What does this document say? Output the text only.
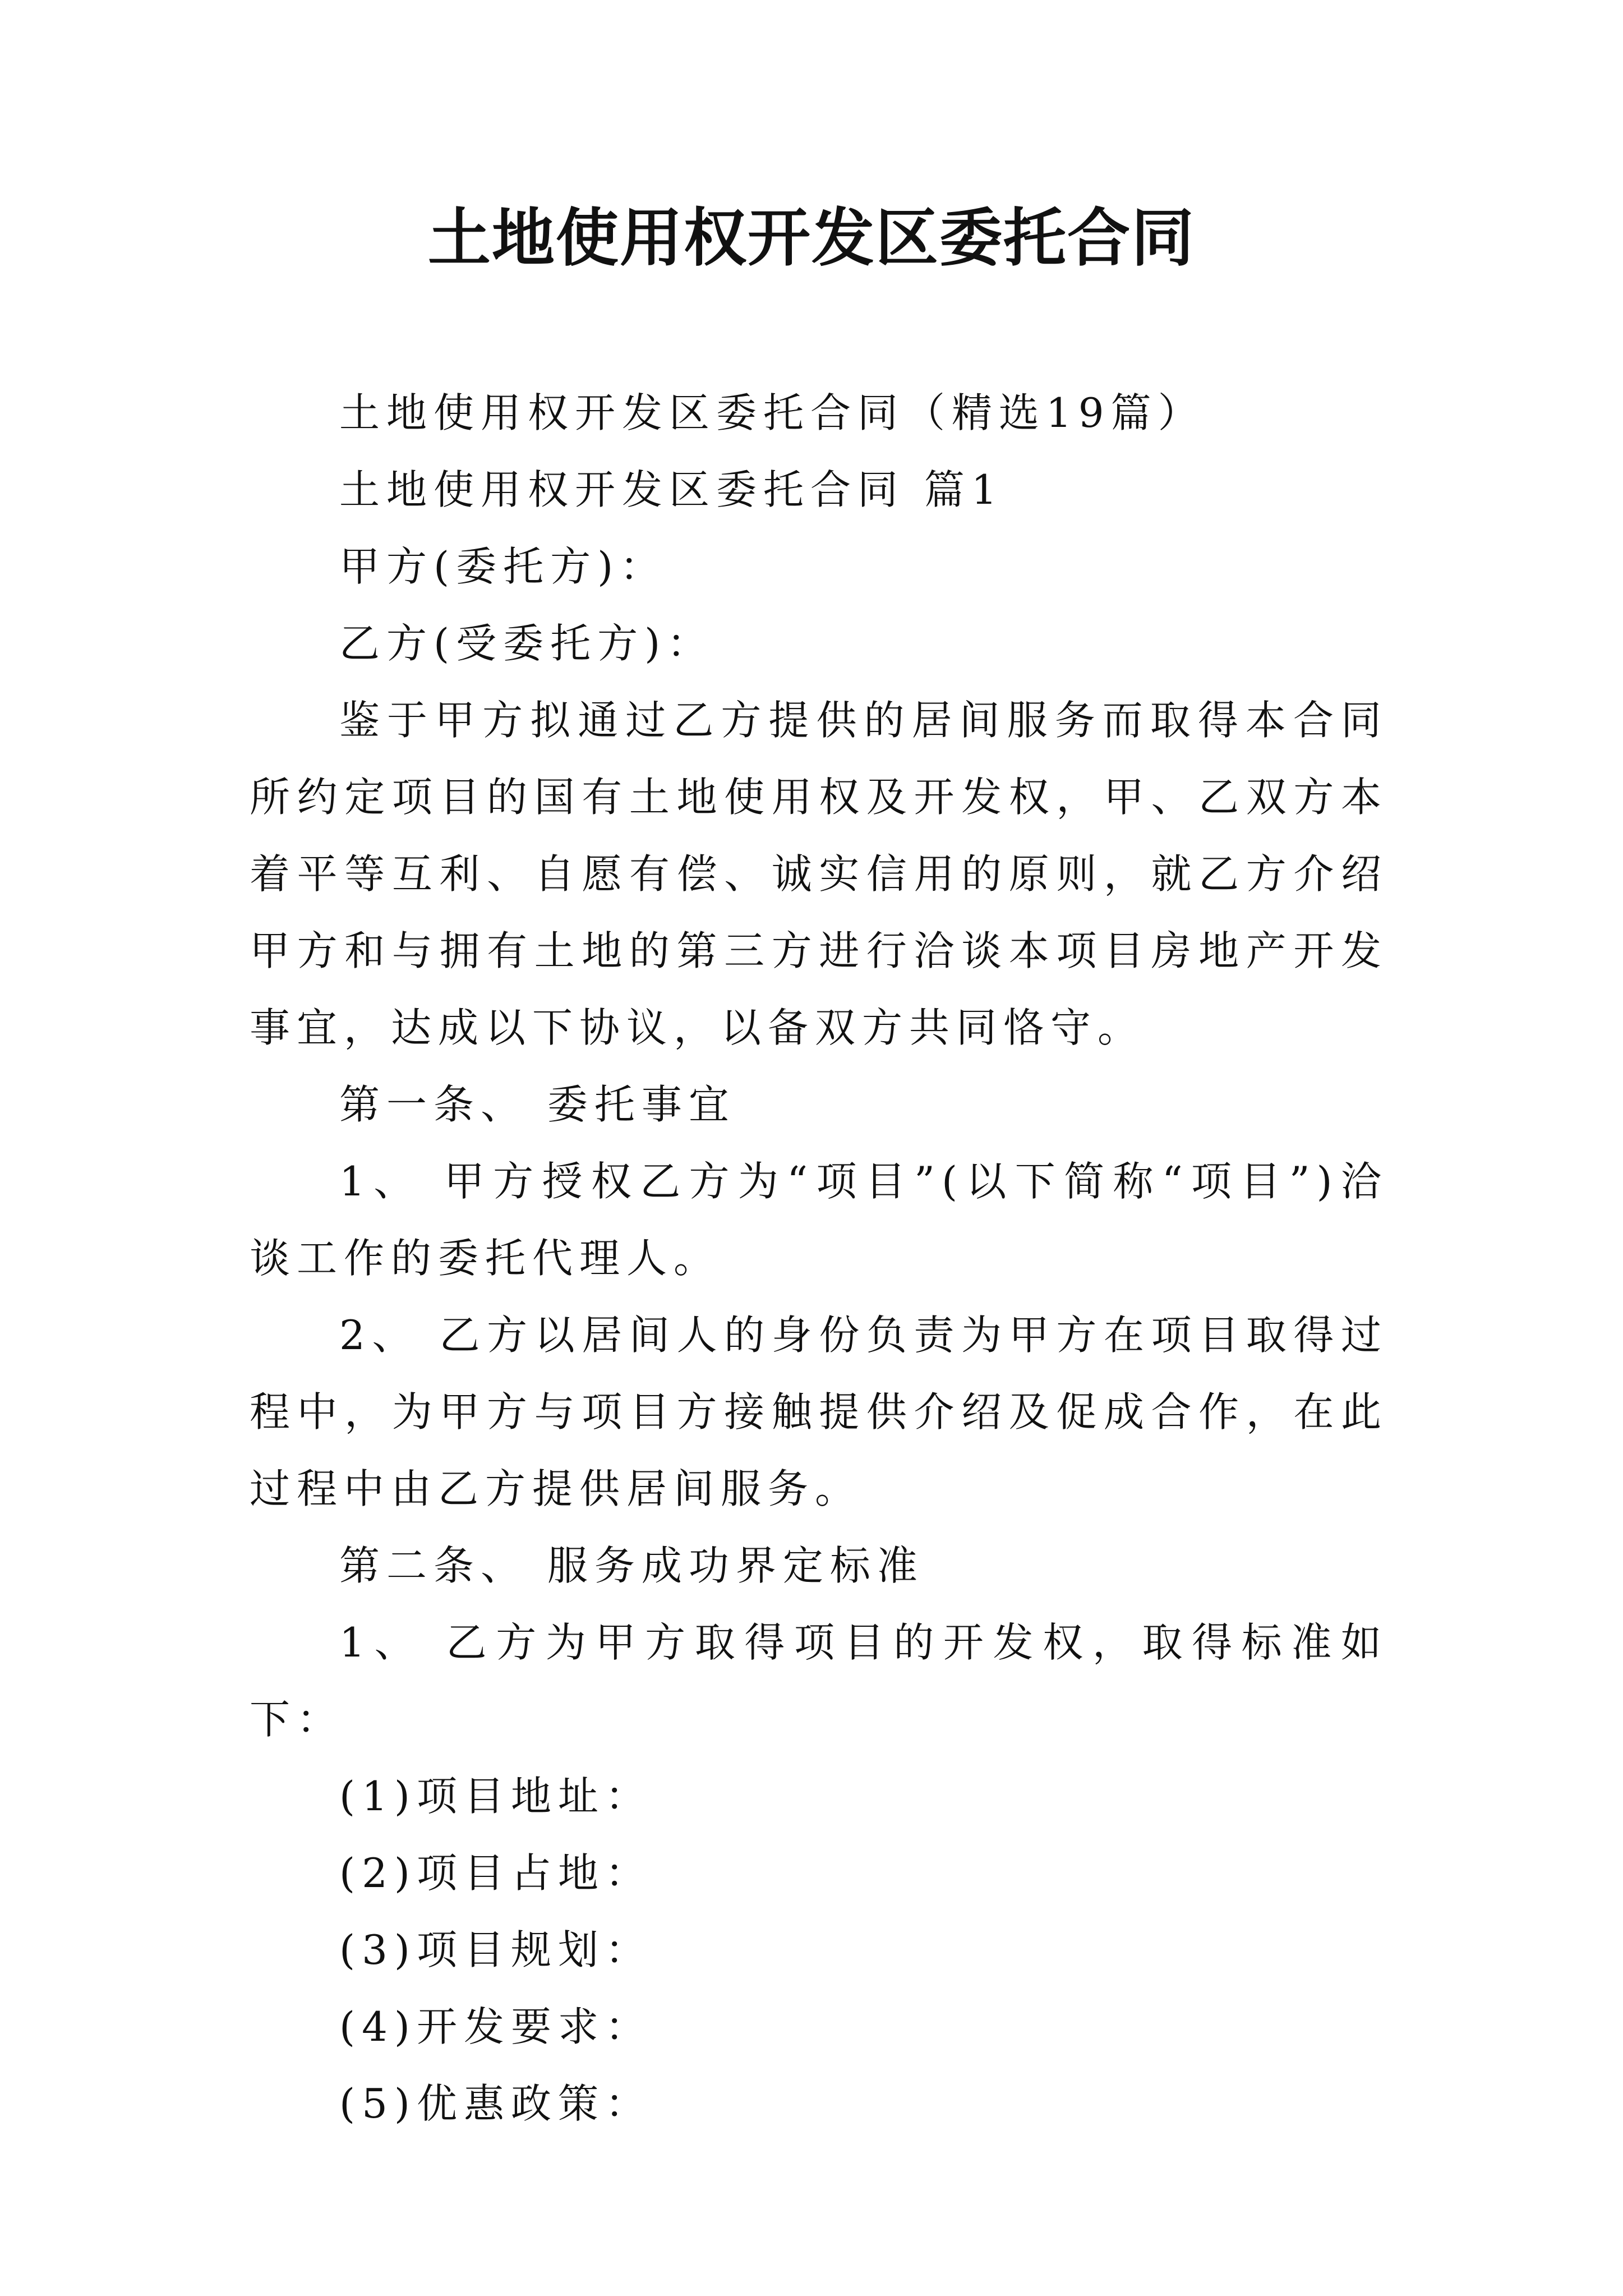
土地使用权开发区委托合同

土地使用权开发区委托合同（精选19篇）

土地使用权开发区委托合同 篇1

甲方(委托方)：

乙方(受委托方)：

鉴于甲方拟通过乙方提供的居间服务而取得本合同所约定项目的国有土地使用权及开发权，甲、乙双方本着平等互利、自愿有偿、诚实信用的原则，就乙方介绍甲方和与拥有土地的第三方进行洽谈本项目房地产开发事宜，达成以下协议，以备双方共同恪守。

第一条、 委托事宜

1、 甲方授权乙方为“项目”(以下简称“项目”)洽谈工作的委托代理人。

2、 乙方以居间人的身份负责为甲方在项目取得过程中，为甲方与项目方接触提供介绍及促成合作，在此过程中由乙方提供居间服务。

第二条、 服务成功界定标准

1、 乙方为甲方取得项目的开发权，取得标准如下：

(1)项目地址：

(2)项目占地：

(3)项目规划：

(4)开发要求：

(5)优惠政策：
